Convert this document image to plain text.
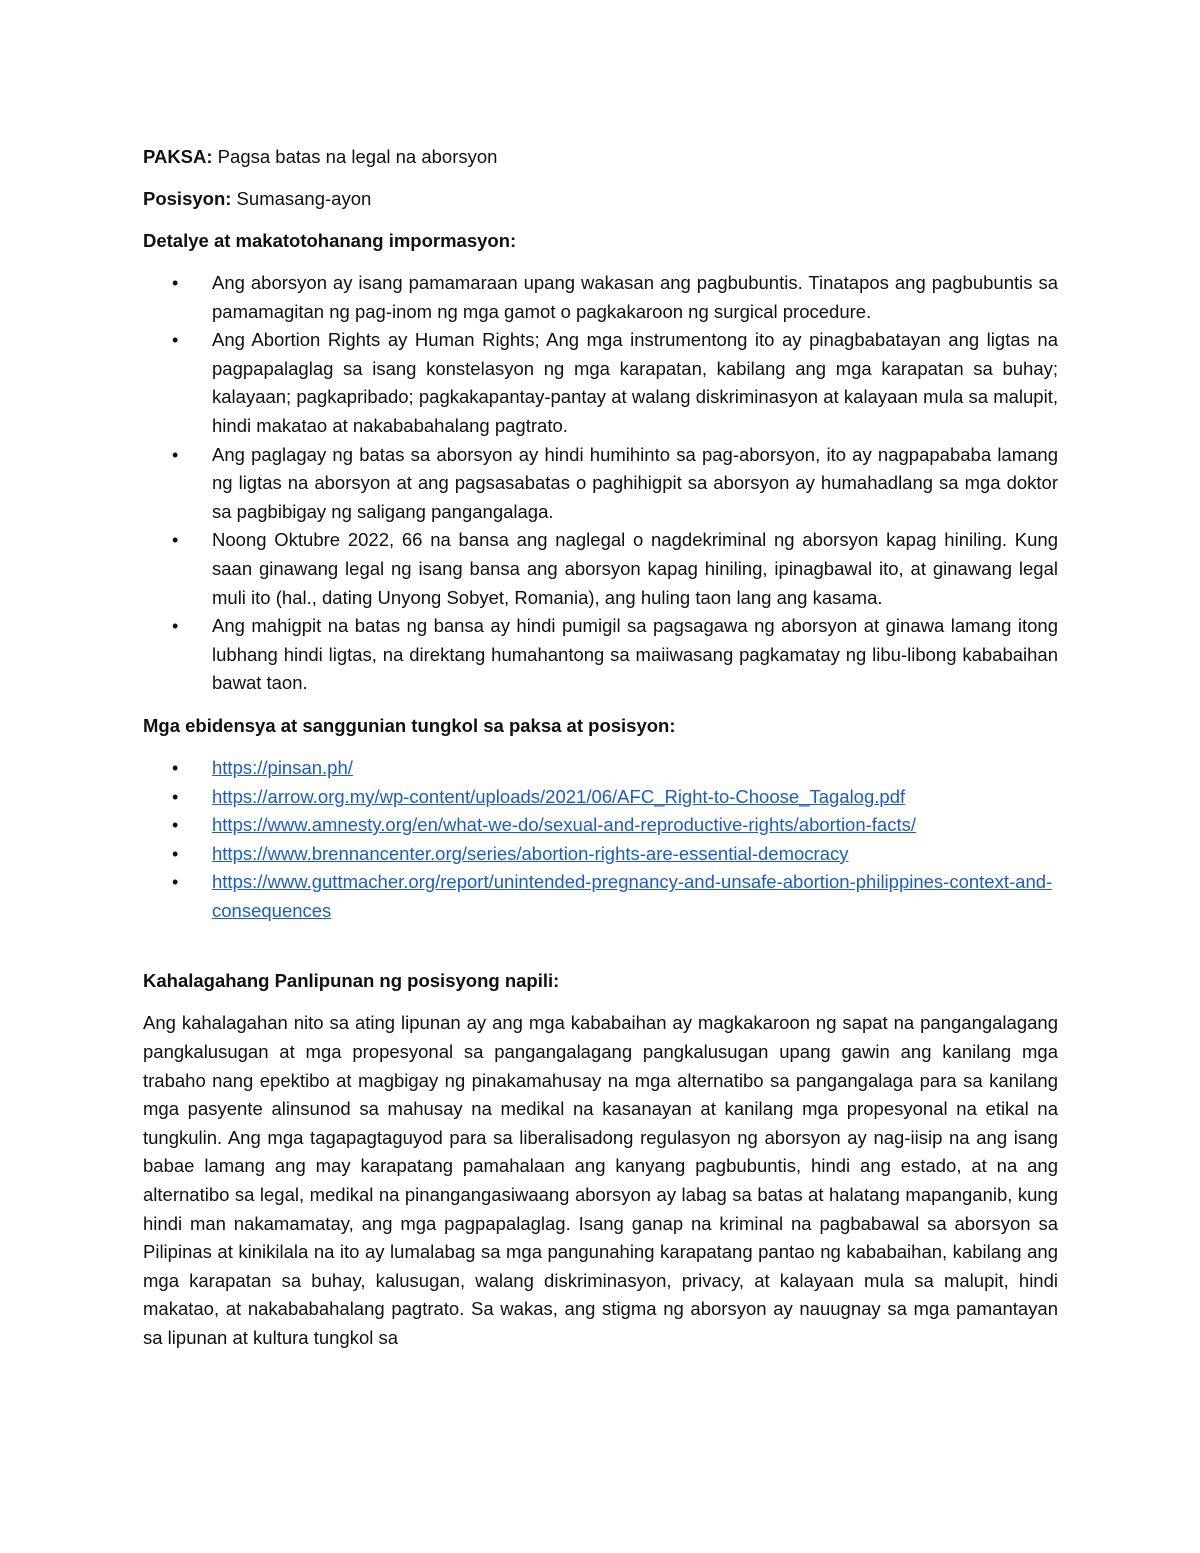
PAKSA: Pagsa batas na legal na aborsyon
Posisyon: Sumasang-ayon
Detalye at makatotohanang impormasyon:
• Ang aborsyon ay isang pamamaraan upang wakasan ang pagbubuntis. Tinatapos ang pagbubuntis sa pamamagitan ng pag-inom ng mga gamot o pagkakaroon ng surgical procedure.
• Ang Abortion Rights ay Human Rights; Ang mga instrumentong ito ay pinagbabatayan ang ligtas na pagpapalaglag sa isang konstelasyon ng mga karapatan, kabilang ang mga karapatan sa buhay; kalayaan; pagkapribado; pagkakapantay-pantay at walang diskriminasyon at kalayaan mula sa malupit, hindi makatao at nakababahalang pagtrato.
• Ang paglagay ng batas sa aborsyon ay hindi humihinto sa pag-aborsyon, ito ay nagpapababa lamang ng ligtas na aborsyon at ang pagsasabatas o paghihigpit sa aborsyon ay humahadlang sa mga doktor sa pagbibigay ng saligang pangangalaga.
• Noong Oktubre 2022, 66 na bansa ang naglegal o nagdekriminal ng aborsyon kapag hiniling. Kung saan ginawang legal ng isang bansa ang aborsyon kapag hiniling, ipinagbawal ito, at ginawang legal muli ito (hal., dating Unyong Sobyet, Romania), ang huling taon lang ang kasama.
• Ang mahigpit na batas ng bansa ay hindi pumigil sa pagsagawa ng aborsyon at ginawa lamang itong lubhang hindi ligtas, na direktang humahantong sa maiiwasang pagkamatay ng libu-libong kababaihan bawat taon.
Mga ebidensya at sanggunian tungkol sa paksa at posisyon:
• https://pinsan.ph/
• https://arrow.org.my/wp-content/uploads/2021/06/AFC_Right-to-Choose_Tagalog.pdf
• https://www.amnesty.org/en/what-we-do/sexual-and-reproductive-rights/abortion-facts/
• https://www.brennancenter.org/series/abortion-rights-are-essential-democracy
• https://www.guttmacher.org/report/unintended-pregnancy-and-unsafe-abortion-philippines-context-and-consequences
Kahalagahang Panlipunan ng posisyong napili:

Ang kahalagahan nito sa ating lipunan ay ang mga kababaihan ay magkakaroon ng sapat na pangangalagang pangkalusugan at mga propesyonal sa pangangalagang pangkalusugan upang gawin ang kanilang mga trabaho nang epektibo at magbigay ng pinakamahusay na mga alternatibo sa pangangalaga para sa kanilang mga pasyente alinsunod sa mahusay na medikal na kasanayan at kanilang mga propesyonal na etikal na tungkulin. Ang mga tagapagtaguyod para sa liberalisadong regulasyon ng aborsyon ay nag-iisip na ang isang babae lamang ang may karapatang pamahalaan ang kanyang pagbubuntis, hindi ang estado, at na ang alternatibo sa legal, medikal na pinangangasiwaang aborsyon ay labag sa batas at halatang mapanganib, kung hindi man nakamamatay, ang mga pagpapalaglag. Isang ganap na kriminal na pagbabawal sa aborsyon sa Pilipinas at kinikilala na ito ay lumalabag sa mga pangunahing karapatang pantao ng kababaihan, kabilang ang mga karapatan sa buhay, kalusugan, walang diskriminasyon, privacy, at kalayaan mula sa malupit, hindi makatao, at nakababahalang pagtrato. Sa wakas, ang stigma ng aborsyon ay nauugnay sa mga pamantayan sa lipunan at kultura tungkol sa
